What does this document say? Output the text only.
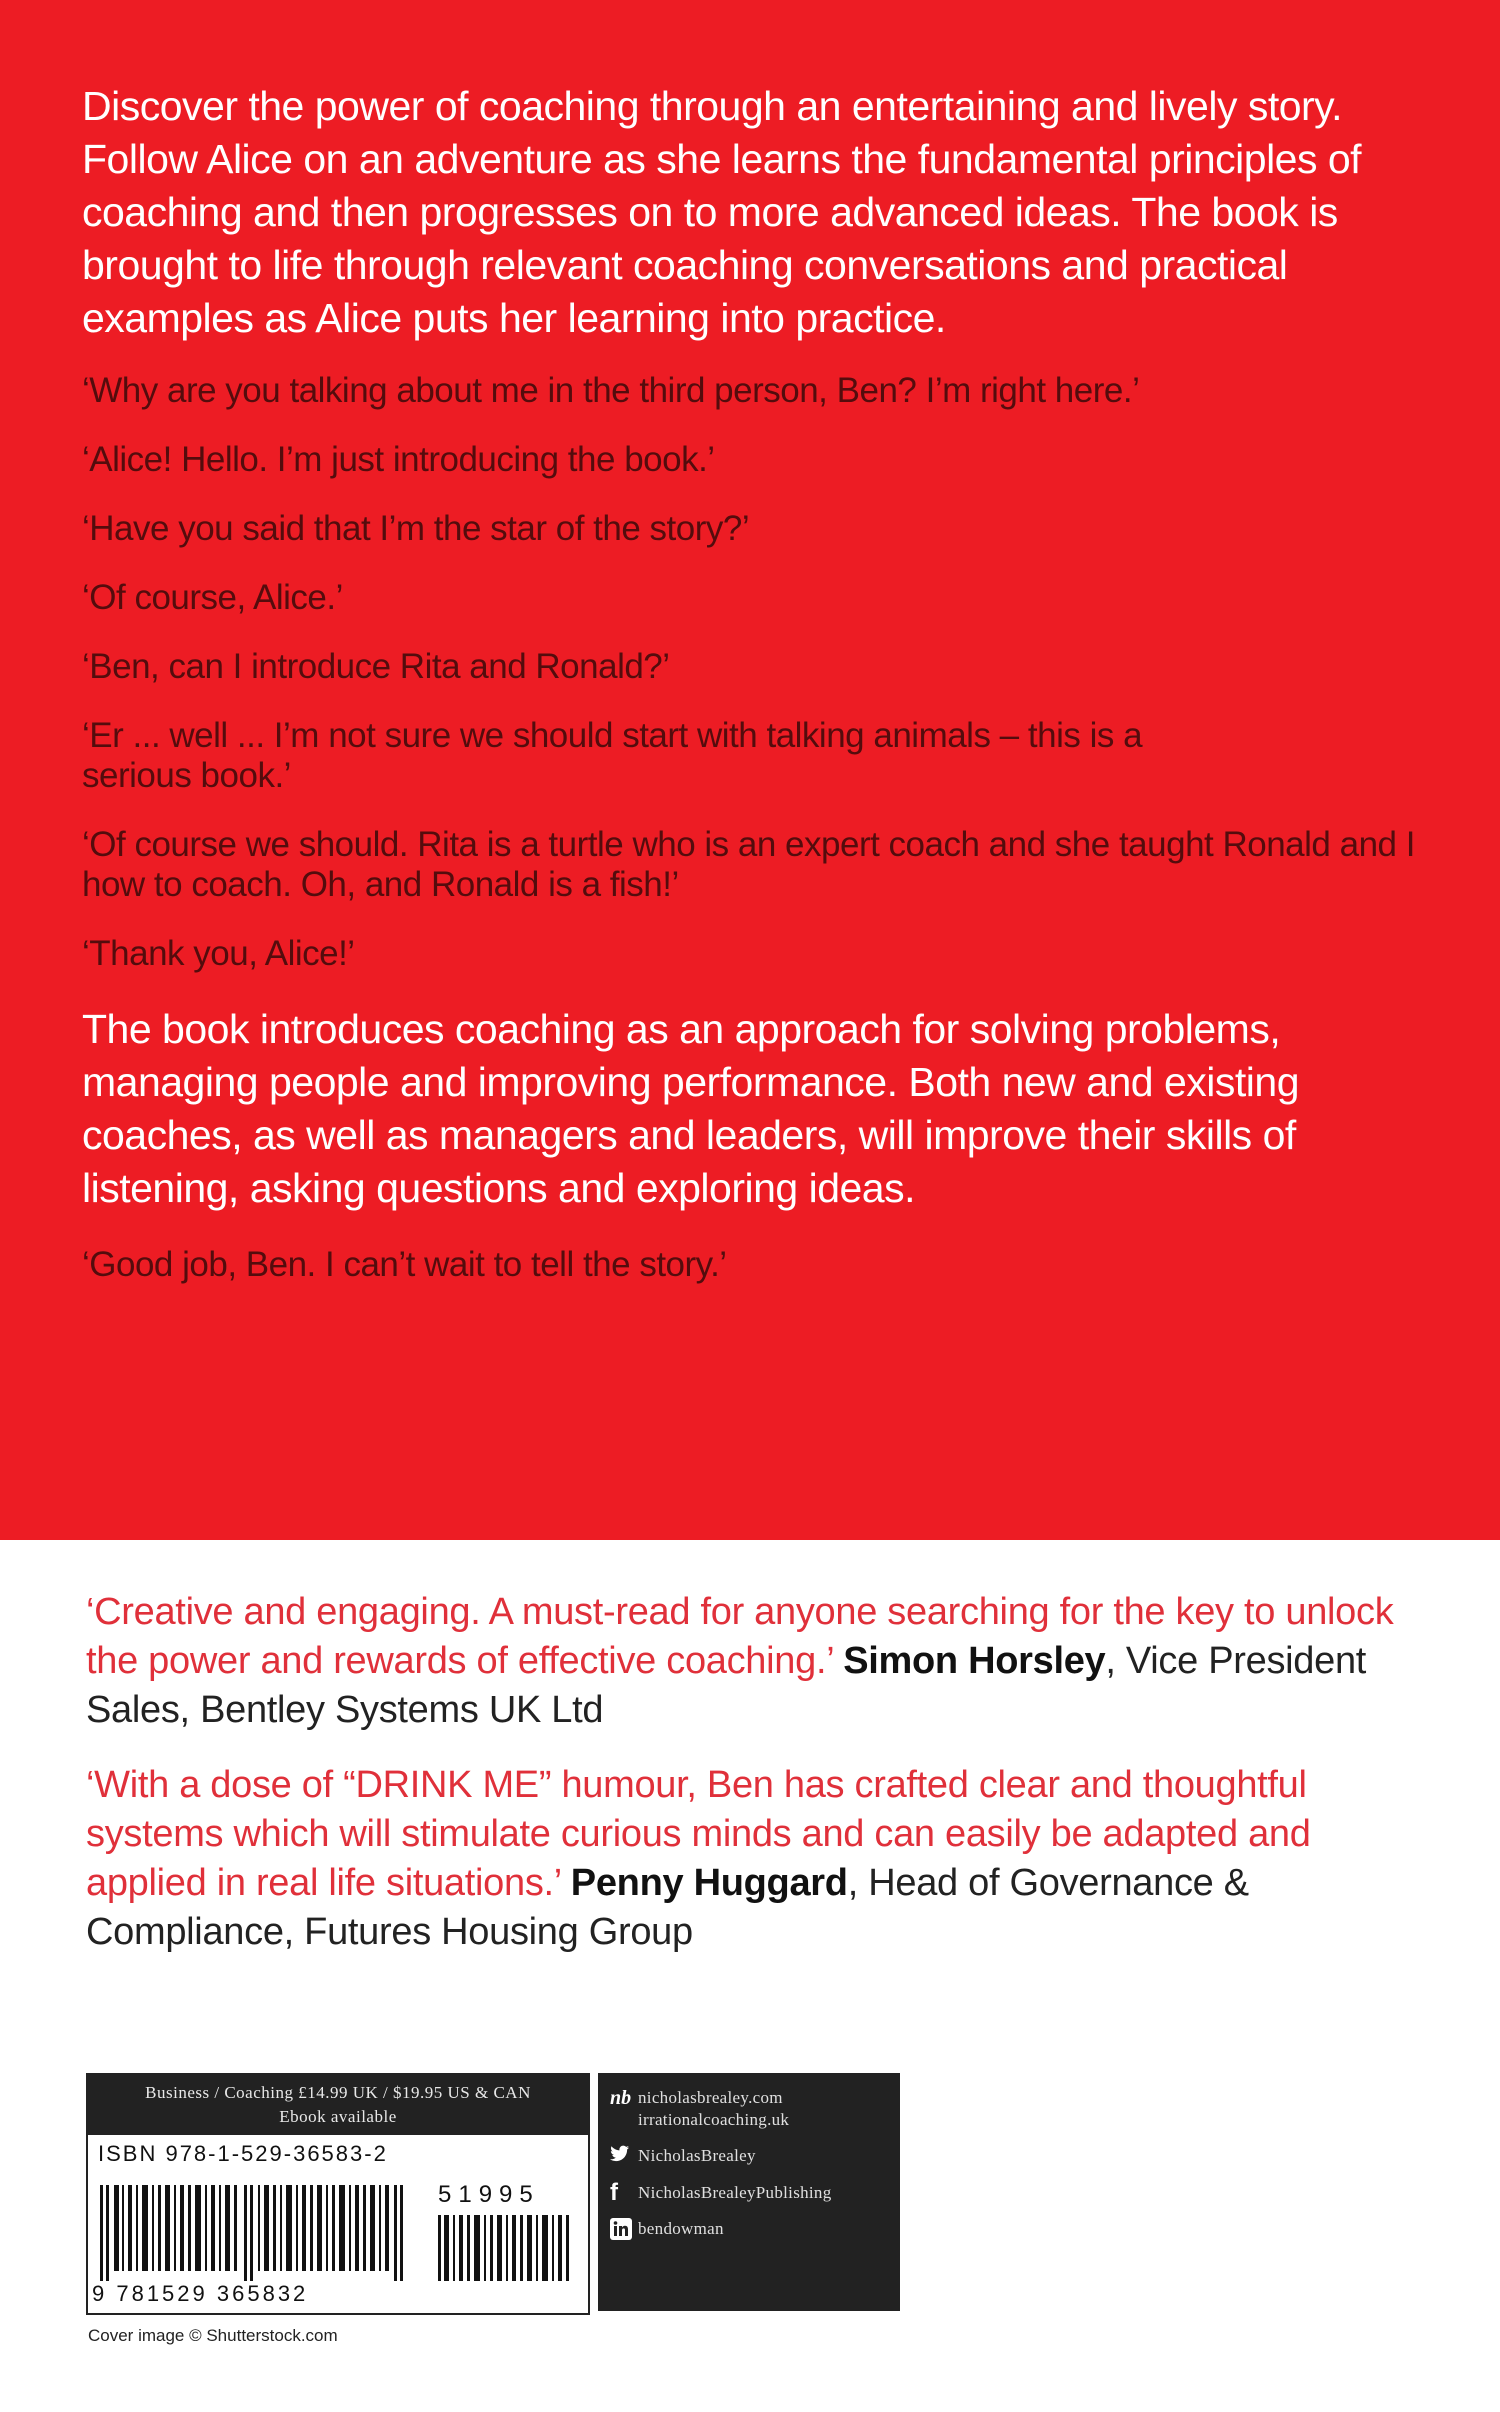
Discover the power of coaching through an entertaining and lively story. Follow Alice on an adventure as she learns the fundamental principles of coaching and then progresses on to more advanced ideas. The book is brought to life through relevant coaching conversations and practical examples as Alice puts her learning into practice.

‘Why are you talking about me in the third person, Ben? I’m right here.’

‘Alice! Hello. I’m just introducing the book.’

‘Have you said that I’m the star of the story?’

‘Of course, Alice.’

‘Ben, can I introduce Rita and Ronald?’

‘Er ... well ... I’m not sure we should start with talking animals – this is a serious book.’

‘Of course we should. Rita is a turtle who is an expert coach and she taught Ronald and I how to coach. Oh, and Ronald is a fish!’

‘Thank you, Alice!’

The book introduces coaching as an approach for solving problems, managing people and improving performance. Both new and existing coaches, as well as managers and leaders, will improve their skills of listening, asking questions and exploring ideas.

‘Good job, Ben. I can’t wait to tell the story.’

‘Creative and engaging. A must-read for anyone searching for the key to unlock the power and rewards of effective coaching.’ Simon Horsley, Vice President Sales, Bentley Systems UK Ltd

‘With a dose of “DRINK ME” humour, Ben has crafted clear and thoughtful systems which will stimulate curious minds and can easily be adapted and applied in real life situations.’ Penny Huggard, Head of Governance & Compliance, Futures Housing Group

Business / Coaching £14.99 UK / $19.95 US & CAN
Ebook available
ISBN 978-1-529-36583-2
51995
9 781529 365832
nb nicholasbrealey.com
irrationalcoaching.uk
NicholasBrealey
f	NicholasBrealeyPublishing
bendowman
Cover image © Shutterstock.com
